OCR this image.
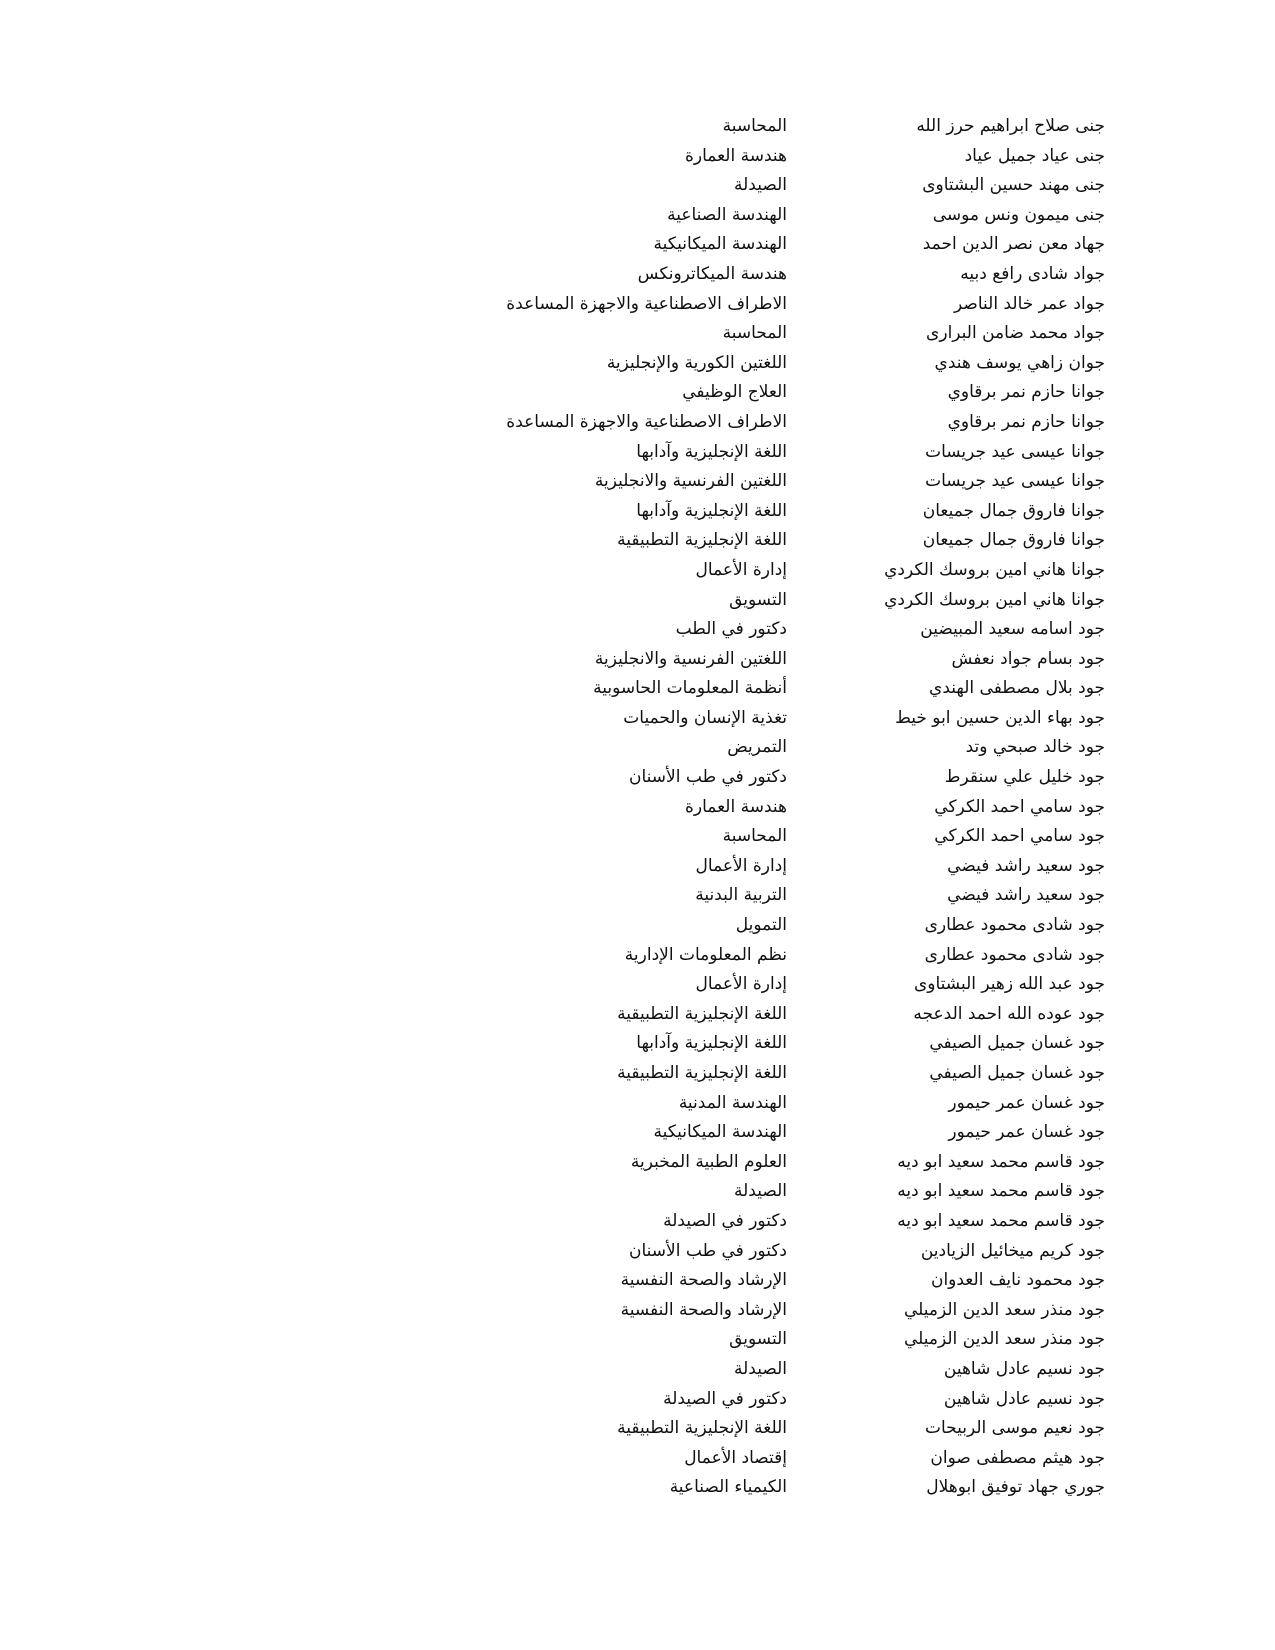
جنى صلاح ابراهيم حرز الله
المحاسبة
جنى عياد جميل عياد
هندسة العمارة
جنى مهند حسين البشتاوى
الصيدلة
جنى ميمون ونس موسى
الهندسة الصناعية
جهاد معن نصر الدين احمد
الهندسة الميكانيكية
جواد شادى رافع دبيه
هندسة الميكاترونكس
جواد عمر خالد الناصر
الاطراف الاصطناعية والاجهزة المساعدة
جواد محمد ضامن البرارى
المحاسبة
جوان زاهي يوسف هندي
اللغتين الكورية والإنجليزية
جوانا حازم نمر برقاوي
العلاج الوظيفي
جوانا حازم نمر برقاوي
الاطراف الاصطناعية والاجهزة المساعدة
جوانا عيسى عيد جريسات
اللغة الإنجليزية وآدابها
جوانا عيسى عيد جريسات
اللغتين الفرنسية والانجليزية
جوانا فاروق جمال جميعان
اللغة الإنجليزية وآدابها
جوانا فاروق جمال جميعان
اللغة الإنجليزية التطبيقية
جوانا هاني امين بروسك الكردي
إدارة الأعمال
جوانا هاني امين بروسك الكردي
التسويق
جود اسامه سعيد المبيضين
دكتور في الطب
جود بسام جواد نعفش
اللغتين الفرنسية والانجليزية
جود بلال مصطفى الهندي
أنظمة المعلومات الحاسوبية
جود بهاء الدين حسين ابو خيط
تغذية الإنسان والحميات
جود خالد صبحي وتد
التمريض
جود خليل علي سنقرط
دكتور في طب الأسنان
جود سامي احمد الكركي
هندسة العمارة
جود سامي احمد الكركي
المحاسبة
جود سعيد راشد فيضي
إدارة الأعمال
جود سعيد راشد فيضي
التربية البدنية
جود شادى محمود عطارى
التمويل
جود شادى محمود عطارى
نظم المعلومات الإدارية
جود عبد الله زهير البشتاوى
إدارة الأعمال
جود عوده الله احمد الدعجه
اللغة الإنجليزية التطبيقية
جود غسان جميل الصيفي
اللغة الإنجليزية وآدابها
جود غسان جميل الصيفي
اللغة الإنجليزية التطبيقية
جود غسان عمر حيمور
الهندسة المدنية
جود غسان عمر حيمور
الهندسة الميكانيكية
جود قاسم محمد سعيد ابو ديه
العلوم الطبية المخبرية
جود قاسم محمد سعيد ابو ديه
الصيدلة
جود قاسم محمد سعيد ابو ديه
دكتور في الصيدلة
جود كريم ميخائيل الزيادين
دكتور في طب الأسنان
جود محمود نايف العدوان
الإرشاد والصحة النفسية
جود منذر سعد الدين الزميلي
الإرشاد والصحة النفسية
جود منذر سعد الدين الزميلي
التسويق
جود نسيم عادل شاهين
الصيدلة
جود نسيم عادل شاهين
دكتور في الصيدلة
جود نعيم موسى الربيحات
اللغة الإنجليزية التطبيقية
جود هيثم مصطفى صوان
إقتصاد الأعمال
جوري جهاد توفيق ابوهلال
الكيمياء الصناعية
